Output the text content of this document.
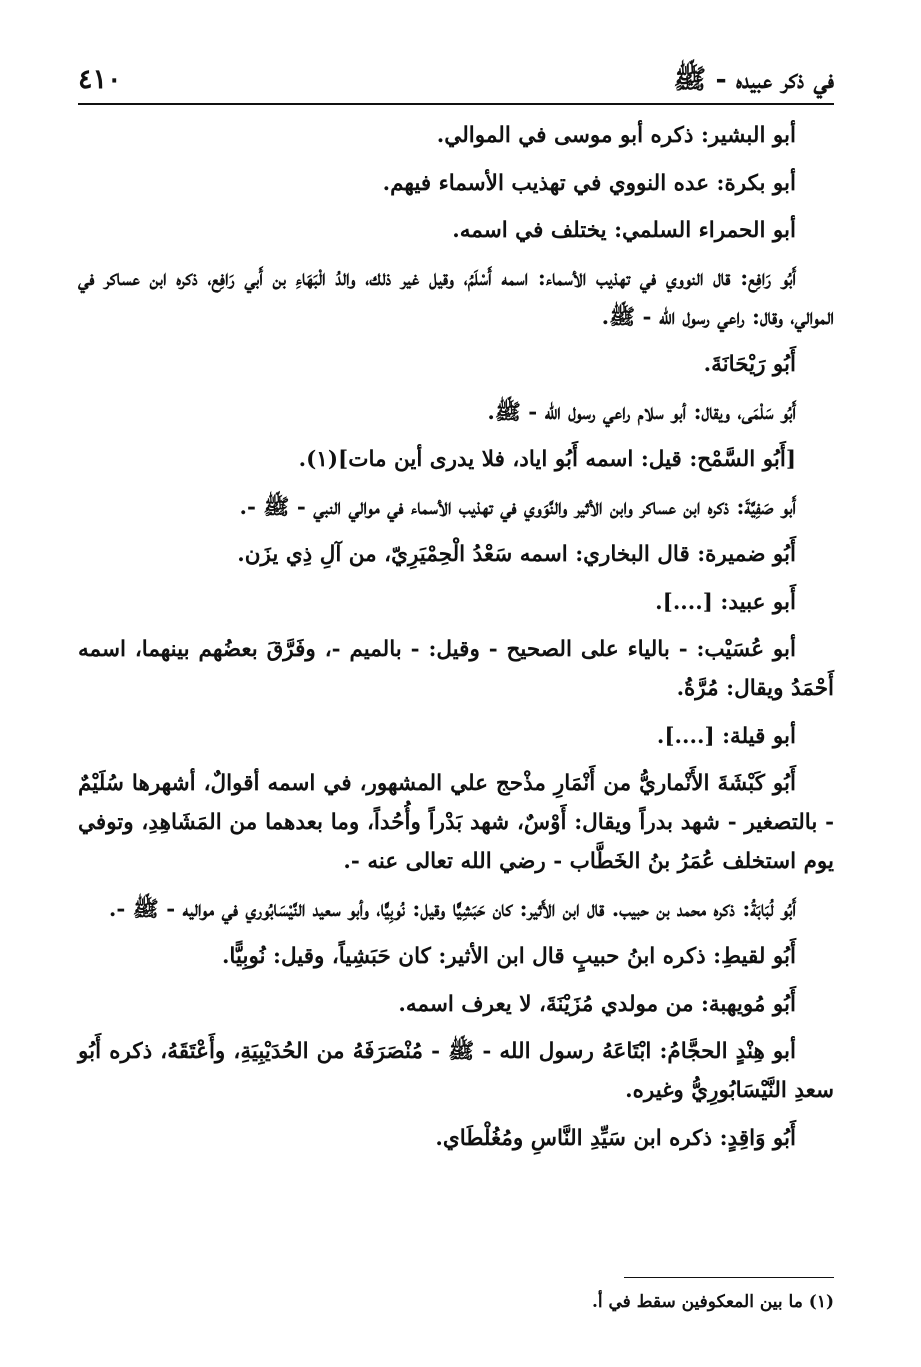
في ذكر عبيده - ﷺ
٤١٠

أبو البشير: ذكره أبو موسى في الموالي.

أبو بكرة: عده النووي في تهذيب الأسماء فيهم.

أبو الحمراء السلمي: يختلف في اسمه.

أَبُو رَافِع: قال النووي في تهذيب الأسماء: اسمه أَسْلَمُ، وقيل غير ذلك، والدُ الْبَهَاءِ بن أَبي رَافِع، ذكره ابن عساكر في الموالي، وقال: راعي رسول الله - ﷺ.

أَبُو رَيْحَانَةَ.

أَبُو سَلْمَى، ويقال: أبو سلام راعي رسول الله - ﷺ.

[أَبُو السَّمْح: قيل: اسمه أَبُو اياد، فلا يدرى أين مات](١).

أَبو صَفِيَّةَ: ذكره ابن عساكر وابن الأثير والنَّوَوي في تهذيب الأسماء في موالي النبي - ﷺ -.

أَبُو ضميرة: قال البخاري: اسمه سَعْدُ الْحِمْيَرِيّ، من آلِ ذِي يزَن.

أَبو عبيد: [....].

أبو عُسَيْب: - بالياء على الصحيح - وقيل: - بالميم -، وفَرَّقَ بعضُهم بينهما، اسمه أَحْمَدُ ويقال: مُرَّةُ.

أبو قيلة: [....].

أَبُو كَبْشَةَ الأَنْماريُّ من أَنْمَارِ مذْحج علي المشهور، في اسمه أقوالٌ، أشهرها سُلَيْمٌ - بالتصغير - شهد بدراً ويقال: أَوْسٌ، شهد بَدْراً وأُحُداً، وما بعدهما من المَشَاهِدِ، وتوفي يوم استخلف عُمَرُ بنُ الخَطَّاب - رضي الله تعالى عنه -.

أَبُو لُبَابَةُ: ذكره محمد بن حبيب. قال ابن الأَثير: كان حَبَشِيًّا وقيل: نُوبِيًّا، وأبو سعيد النَّيْسَابُوري في مواليه - ﷺ -.

أَبُو لقيطِ: ذكره ابنُ حبيبٍ قال ابن الأثير: كان حَبَشِياً، وقيل: نُوبِيًّا.

أَبُو مُويهبة: من مولدي مُزَيْنَةَ، لا يعرف اسمه.

أبو هِنْدٍ الحجَّامُ: ابْتَاعَهُ رسول الله - ﷺ - مُنْصَرَفَهُ من الحُدَيْبِيَةِ، وأَعْتَقَهُ، ذكره أَبُو سعدِ النَّيْسَابُورِيُّ وغيره.

أَبُو وَاقِدٍ: ذكره ابن سَيِّدِ النَّاسِ ومُغُلْطَاي.

(١) ما بين المعكوفين سقط في أ.
